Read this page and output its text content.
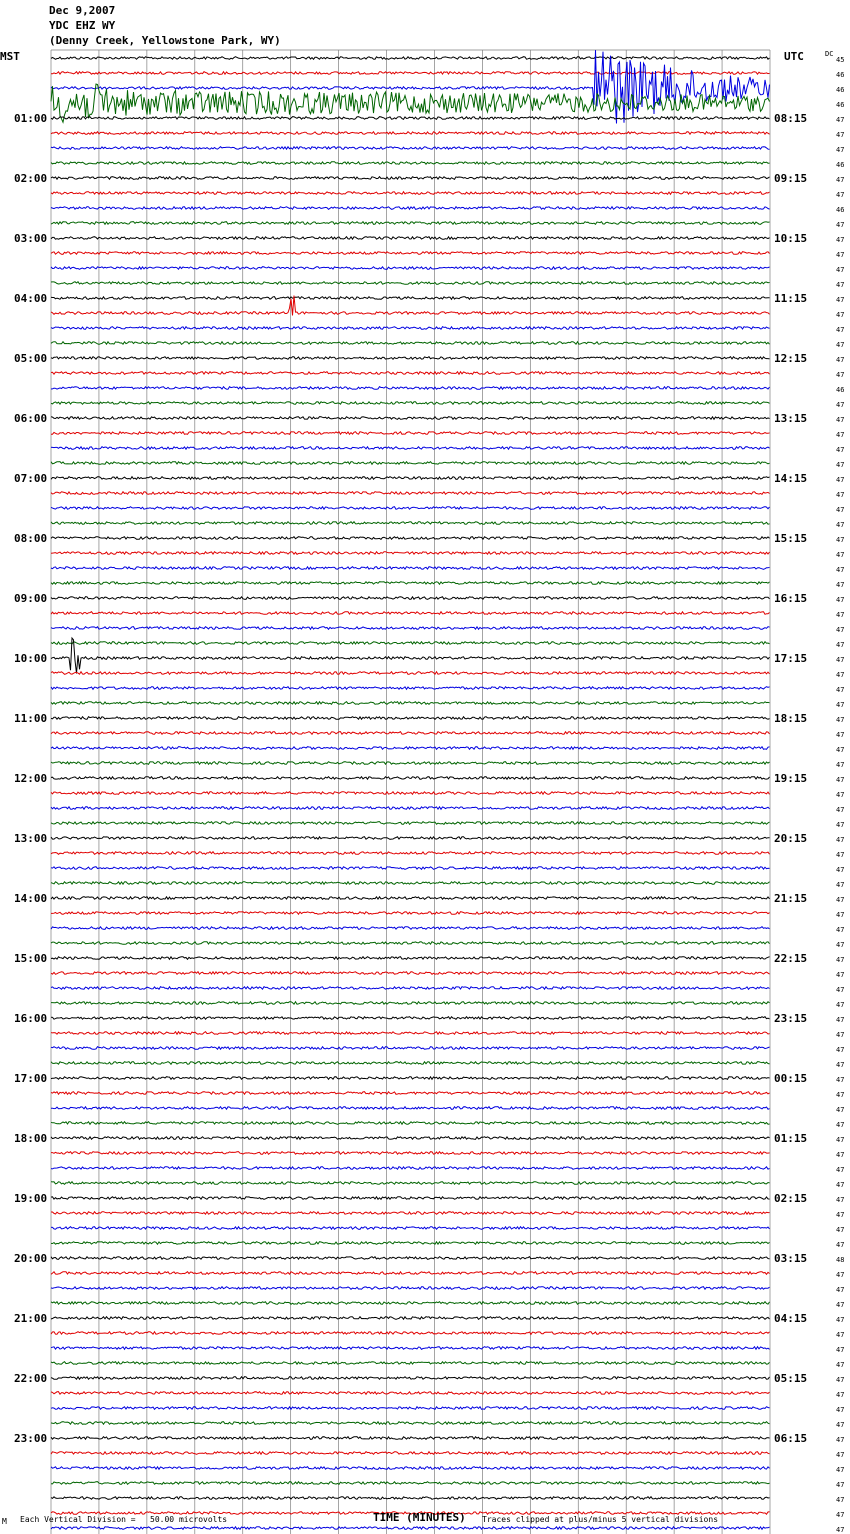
Dec 9,2007
YDC EHZ WY
(Denny Creek, Yellowstone Park, WY)
MST	UTC	45
46
46
46
47
47
47
46
47
47
46
47
47
47
47
47
47
47
47
47
47
47
46
47
47
47
47
47
47
47
47
47
47
47
47
47
47
47
47
47
47
47
47
47
47
47
47
47
47
47
47
47
47
47
47
47
47
47
47
47
47
47
47
47
47
47
47
47
47
47
47
47
47
47
47
47
47
47
47
47
48
47
47
47
47
47
47
47
47
47
47
47
47
47
47
47
47
47
47
DC
01:00
02:00
03:00
04:00
05:00
06:00
07:00
08:00
09:00
10:00
11:00
12:00
13:00
14:00
15:00
16:00
17:00
18:00
19:00
20:00
21:00
22:00
23:00
08:15
09:15
10:15
11:15
12:15
13:15
14:15
15:15
16:15
17:15
18:15
19:15
20:15
21:15
22:15
23:15
00:15
01:15
02:15
03:15
04:15
05:15
06:15
M Each Vertical Division =   50.00 microvolts	TIME (MINUTES) Traces clipped at plus/minus 5 vertical divisions
